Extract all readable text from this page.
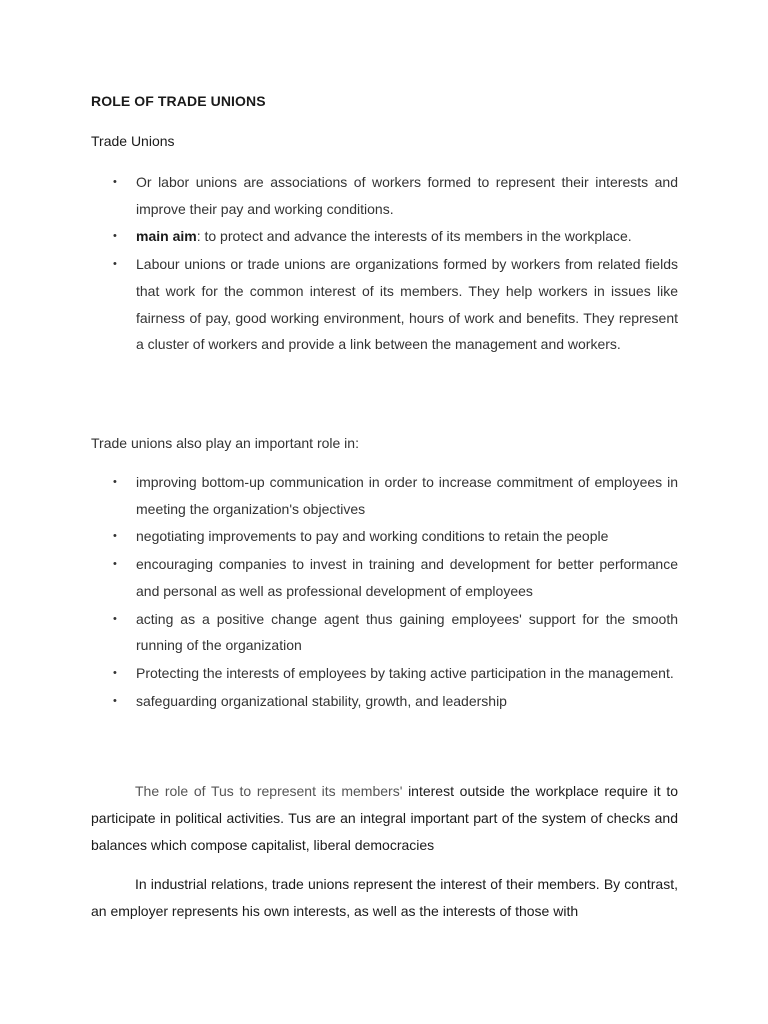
ROLE OF TRADE UNIONS

Trade Unions

• Or labor unions are associations of workers formed to represent their interests and improve their pay and working conditions.
• main aim: to protect and advance the interests of its members in the workplace.
• Labour unions or trade unions are organizations formed by workers from related fields that work for the common interest of its members. They help workers in issues like fairness of pay, good working environment, hours of work and benefits. They represent a cluster of workers and provide a link between the management and workers.

Trade unions also play an important role in:

• improving bottom-up communication in order to increase commitment of employees in meeting the organization's objectives
• negotiating improvements to pay and working conditions to retain the people
• encouraging companies to invest in training and development for better performance and personal as well as professional development of employees
• acting as a positive change agent thus gaining employees' support for the smooth running of the organization
• Protecting the interests of employees by taking active participation in the management.
• safeguarding organizational stability, growth, and leadership

The role of Tus to represent its members' interest outside the workplace require it to participate in political activities. Tus are an integral important part of the system of checks and balances which compose capitalist, liberal democracies

In industrial relations, trade unions represent the interest of their members. By contrast, an employer represents his own interests, as well as the interests of those with
